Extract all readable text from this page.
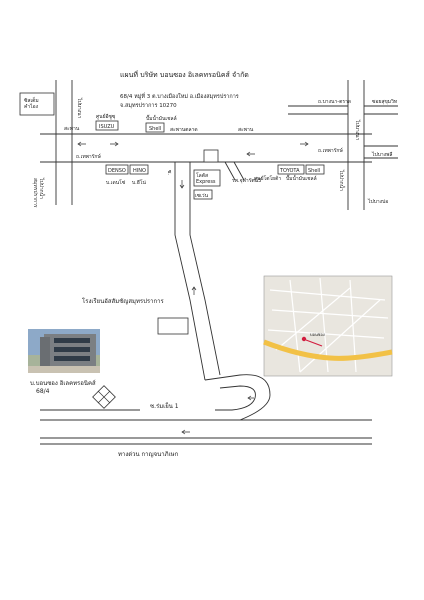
แผนที่ บริษัท บอนซอง อิเลคทรอนิคส์ จำกัด
68/4 หมู่ที่ 3 ต.บางเมืองใหม่ อ.เมืองสมุทรปราการ
จ.สมุทรปราการ 10270
ซิสเต็ม คำไอง	ไปบางนา
สะพาน
ศูนย์อีซูซุ
ISUZU
ถ.เทพารักษ์
ไปปากน้ำ สมุทรปราการ
ปั๊มน้ำมันเชลล์
Shell สะพานตลาด
DENSO HINO
บ.เดนโซ่ บ.ฮีโน่
ซ.
โลตัส Express
เซเว่น
รพ.จุฬารัตน์3
สะพาน
โรงเรียนอัสสัมชัญสมุทรปราการ
ถ.บางนา-ตราด	ซอยสุขุมวิท
ไปบางนา
ไปบางพลี
ถ.เทพารักษ์
ศูนย์โตโยต้า
TOYOTA Shell
ปั๊มน้ำมันเชลล์	ไปปากน้ำ
ไปบางบ่อ
บอนซอง
บ.บอนซอง อิเลคทรอนิคส์
68/4
ซ.ร่มเย็น 1
ทางด่วน กาญจนาภิเษก
